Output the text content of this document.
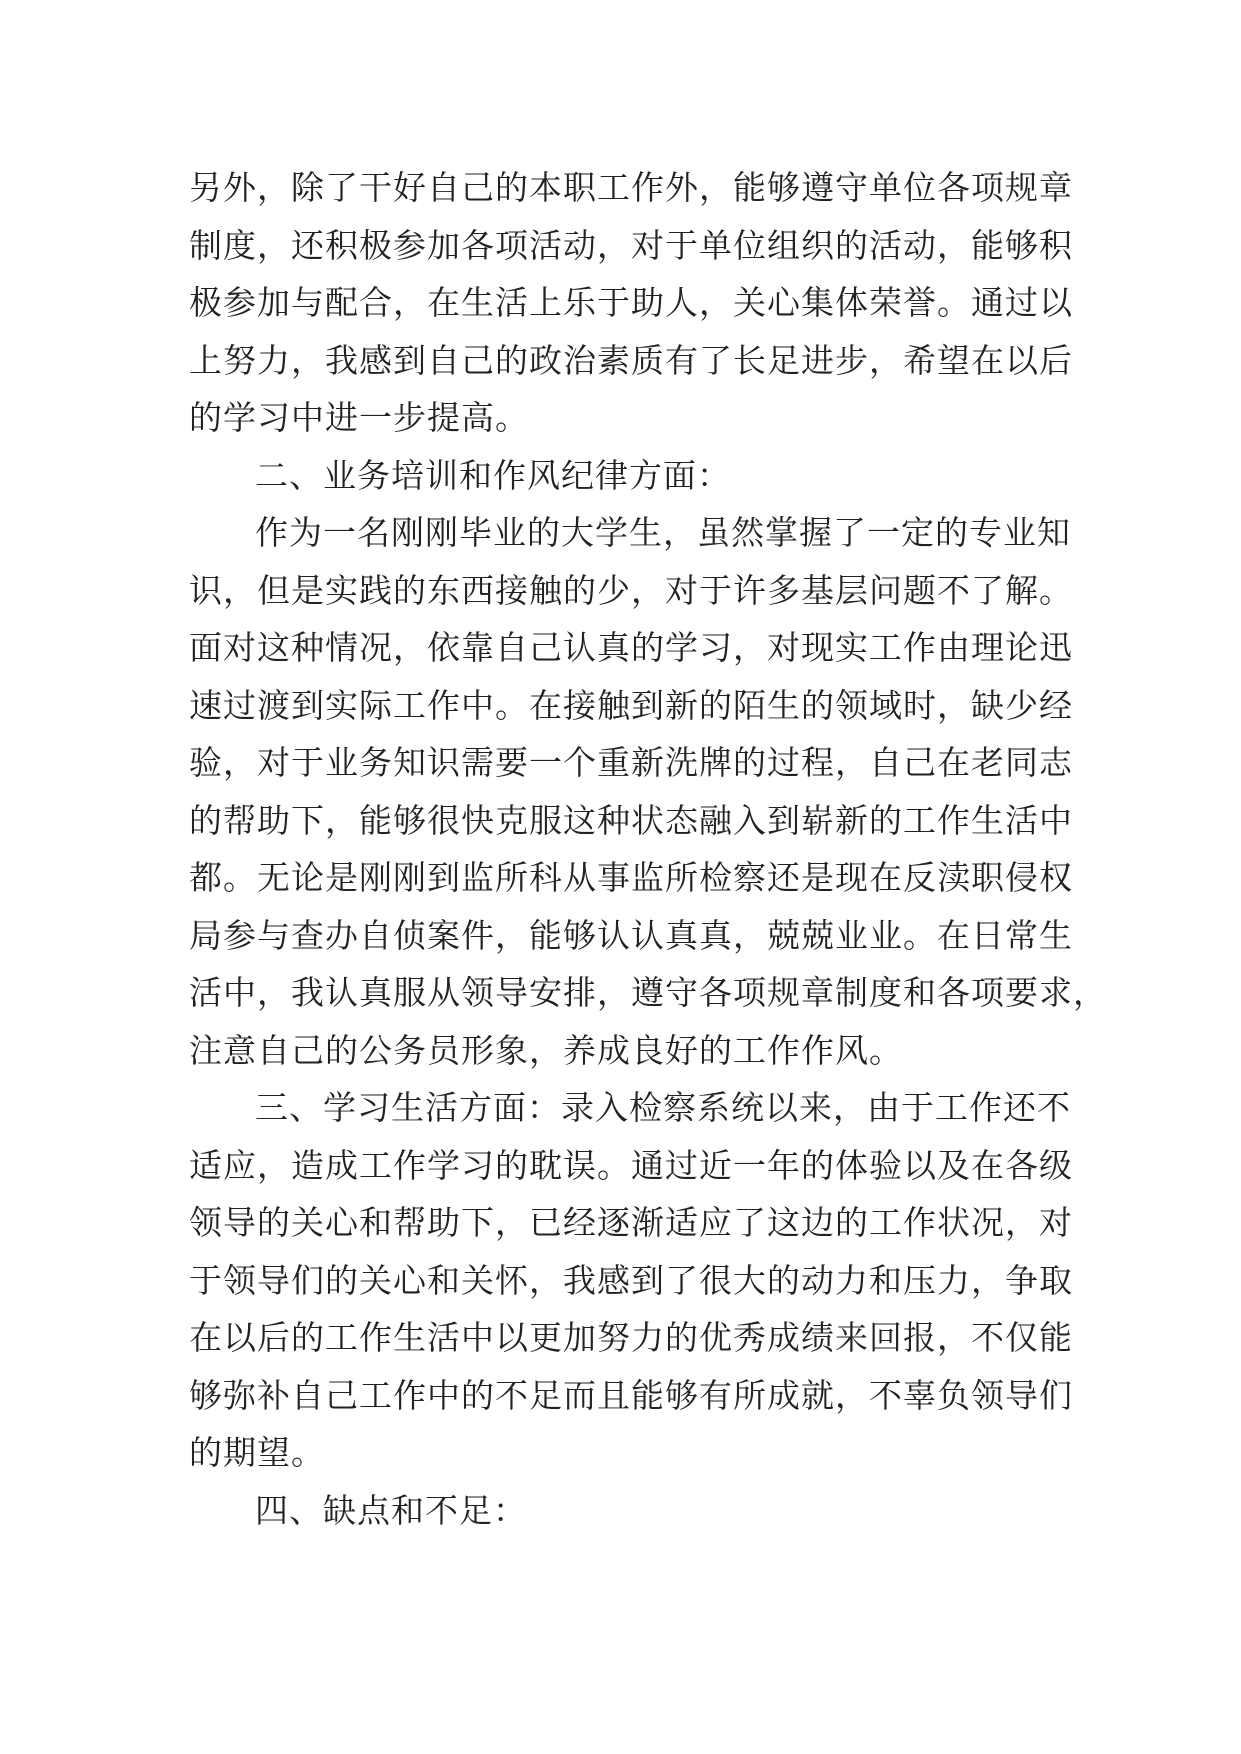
另外，除了干好自己的本职工作外，能够遵守单位各项规章
制度，还积极参加各项活动，对于单位组织的活动，能够积
极参加与配合，在生活上乐于助人，关心集体荣誉。通过以
上努力，我感到自己的政治素质有了长足进步，希望在以后
的学习中进一步提高。
二、业务培训和作风纪律方面：
作为一名刚刚毕业的大学生，虽然掌握了一定的专业知
识，但是实践的东西接触的少，对于许多基层问题不了解。
面对这种情况，依靠自己认真的学习，对现实工作由理论迅
速过渡到实际工作中。在接触到新的陌生的领域时，缺少经
验，对于业务知识需要一个重新洗牌的过程，自己在老同志
的帮助下，能够很快克服这种状态融入到崭新的工作生活中
都。无论是刚刚到监所科从事监所检察还是现在反渎职侵权
局参与查办自侦案件，能够认认真真，兢兢业业。在日常生
活中，我认真服从领导安排，遵守各项规章制度和各项要求，
注意自己的公务员形象，养成良好的工作作风。
三、学习生活方面：录入检察系统以来，由于工作还不
适应，造成工作学习的耽误。通过近一年的体验以及在各级
领导的关心和帮助下，已经逐渐适应了这边的工作状况，对
于领导们的关心和关怀，我感到了很大的动力和压力，争取
在以后的工作生活中以更加努力的优秀成绩来回报，不仅能
够弥补自己工作中的不足而且能够有所成就，不辜负领导们
的期望。
四、缺点和不足：
